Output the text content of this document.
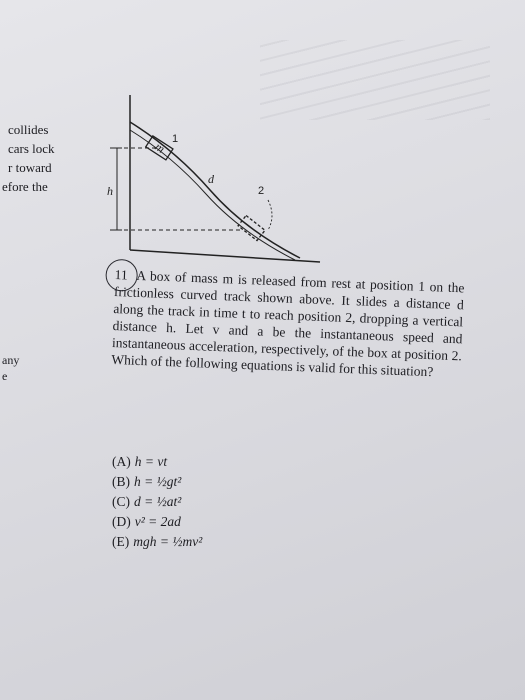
collides
cars lock
r toward
efore the
any
e
m
1
2
h
d

11 A box of mass m is released from rest at position 1 on the frictionless curved track shown above. It slides a distance d along the track in time t to reach position 2, dropping a vertical distance h. Let v and a be the instantaneous speed and instantaneous acceleration, respectively, of the box at position 2. Which of the following equations is valid for this situation?

(A) h = vt
(B) h = ½gt²
(C) d = ½at²
(D) v² = 2ad
(E) mgh = ½mv²
